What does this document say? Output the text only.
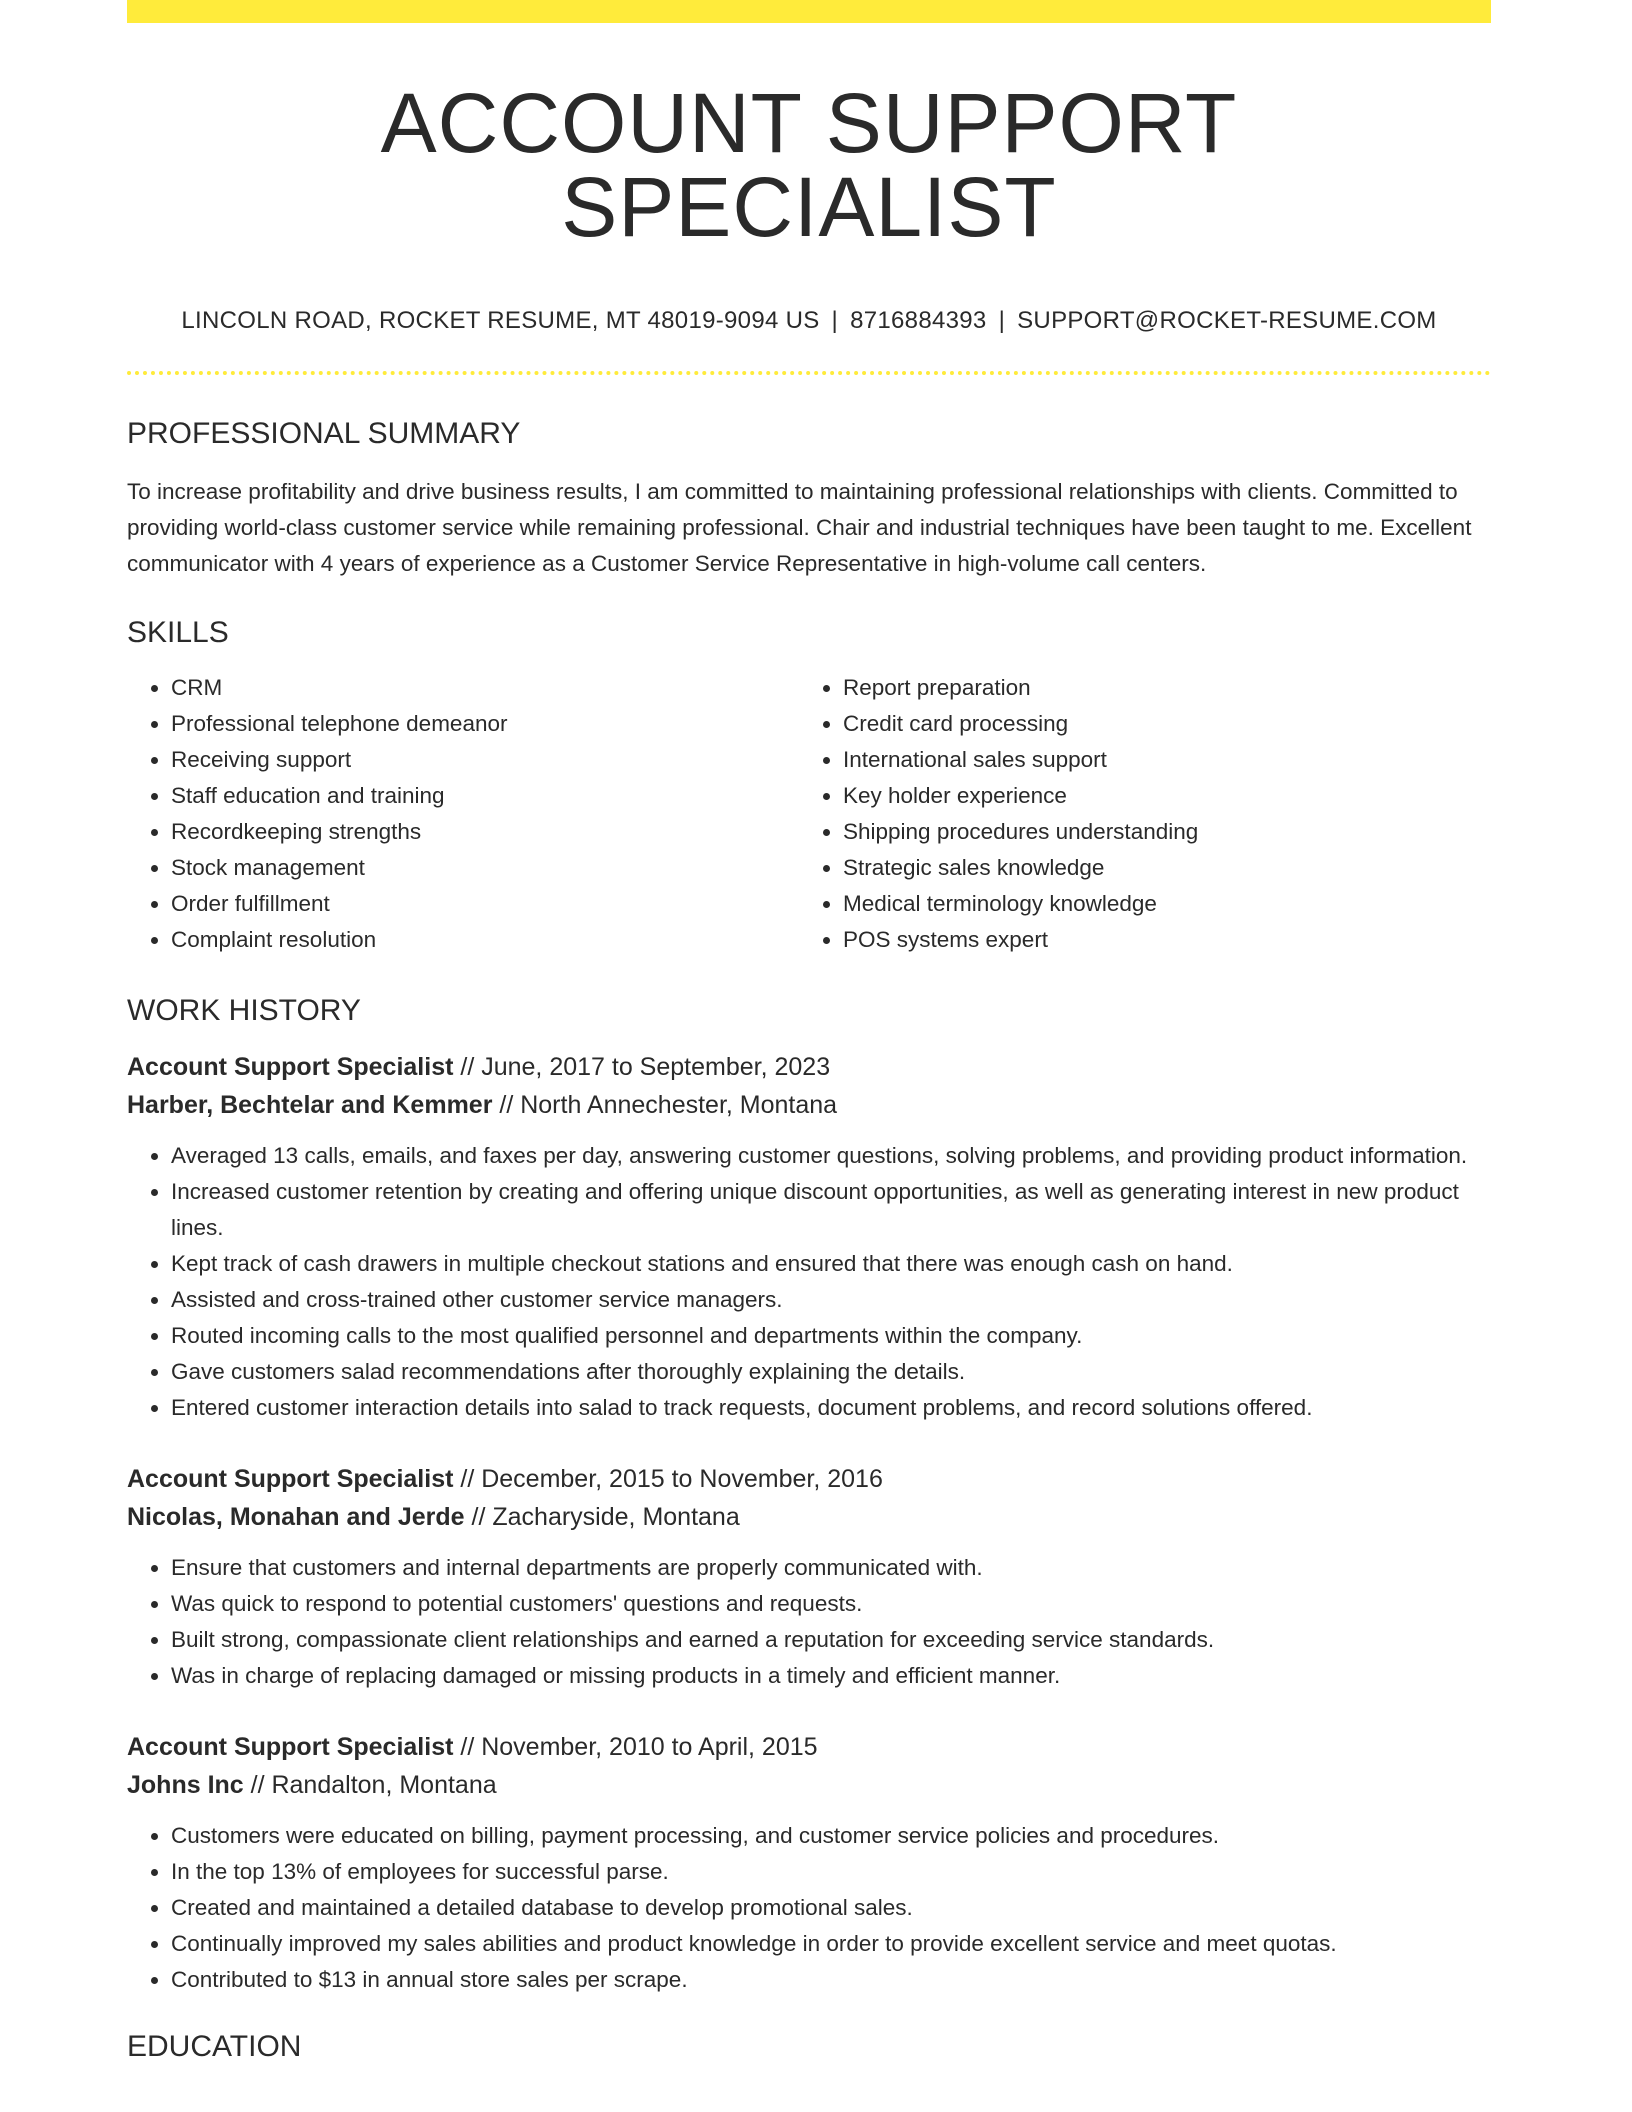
ACCOUNT SUPPORT SPECIALIST
LINCOLN ROAD, ROCKET RESUME, MT 48019-9094 US | 8716884393 | SUPPORT@ROCKET-RESUME.COM
PROFESSIONAL SUMMARY

To increase profitability and drive business results, I am committed to maintaining professional relationships with clients. Committed to providing world-class customer service while remaining professional. Chair and industrial techniques have been taught to me. Excellent communicator with 4 years of experience as a Customer Service Representative in high-volume call centers.

SKILLS
• CRM
• Professional telephone demeanor
• Receiving support
• Staff education and training
• Recordkeeping strengths
• Stock management
• Order fulfillment
• Complaint resolution
• Report preparation
• Credit card processing
• International sales support
• Key holder experience
• Shipping procedures understanding
• Strategic sales knowledge
• Medical terminology knowledge
• POS systems expert
WORK HISTORY
Account Support Specialist // June, 2017 to September, 2023
Harber, Bechtelar and Kemmer // North Annechester, Montana
• Averaged 13 calls, emails, and faxes per day, answering customer questions, solving problems, and providing product information.
• Increased customer retention by creating and offering unique discount opportunities, as well as generating interest in new product lines.
• Kept track of cash drawers in multiple checkout stations and ensured that there was enough cash on hand.
• Assisted and cross-trained other customer service managers.
• Routed incoming calls to the most qualified personnel and departments within the company.
• Gave customers salad recommendations after thoroughly explaining the details.
• Entered customer interaction details into salad to track requests, document problems, and record solutions offered.
Account Support Specialist // December, 2015 to November, 2016
Nicolas, Monahan and Jerde // Zacharyside, Montana
• Ensure that customers and internal departments are properly communicated with.
• Was quick to respond to potential customers' questions and requests.
• Built strong, compassionate client relationships and earned a reputation for exceeding service standards.
• Was in charge of replacing damaged or missing products in a timely and efficient manner.
Account Support Specialist // November, 2010 to April, 2015
Johns Inc // Randalton, Montana
• Customers were educated on billing, payment processing, and customer service policies and procedures.
• In the top 13% of employees for successful parse.
• Created and maintained a detailed database to develop promotional sales.
• Continually improved my sales abilities and product knowledge in order to provide excellent service and meet quotas.
• Contributed to $13 in annual store sales per scrape.
EDUCATION
